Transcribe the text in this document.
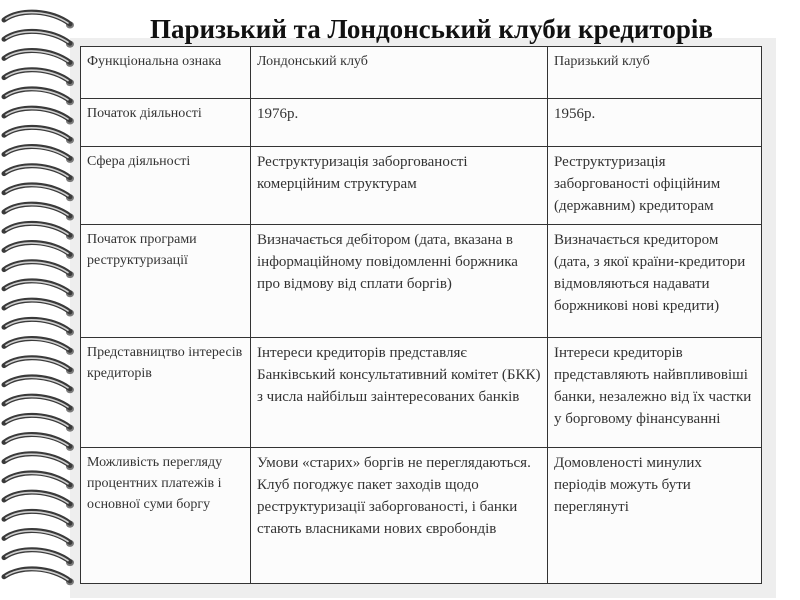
Паризький та Лондонський клуби кредиторів
Функціональна ознака	Лондонський клуб	Паризький клуб
Початок діяльності	1976р.	1956р.
Сфера діяльності	Реструктуризація заборгованості комерційним структурам	Реструктуризація заборгованості офіційним (державним) кредиторам
Початок програми реструктуризації	Визначається дебітором (дата, вказана в інформаційному повідомленні боржника про відмову від сплати боргів)	Визначається кредитором (дата, з якої країни-кредитори відмовляються надавати боржникові нові кредити)
Представництво інтересів кредиторів	Інтереси кредиторів представляє Банківський консультативний комітет (БКК) з числа найбільш заінтересованих банків	Інтереси кредиторів представляють найвпливовіші банки, незалежно від їх частки у борговому фінансуванні
Можливість перегляду процентних платежів і основної суми боргу	Умови «старих» боргів не переглядаються. Клуб погоджує пакет заходів щодо реструктуризації заборгованості, і банки стають власниками нових євробондів	Домовленості минулих періодів можуть бути переглянуті
